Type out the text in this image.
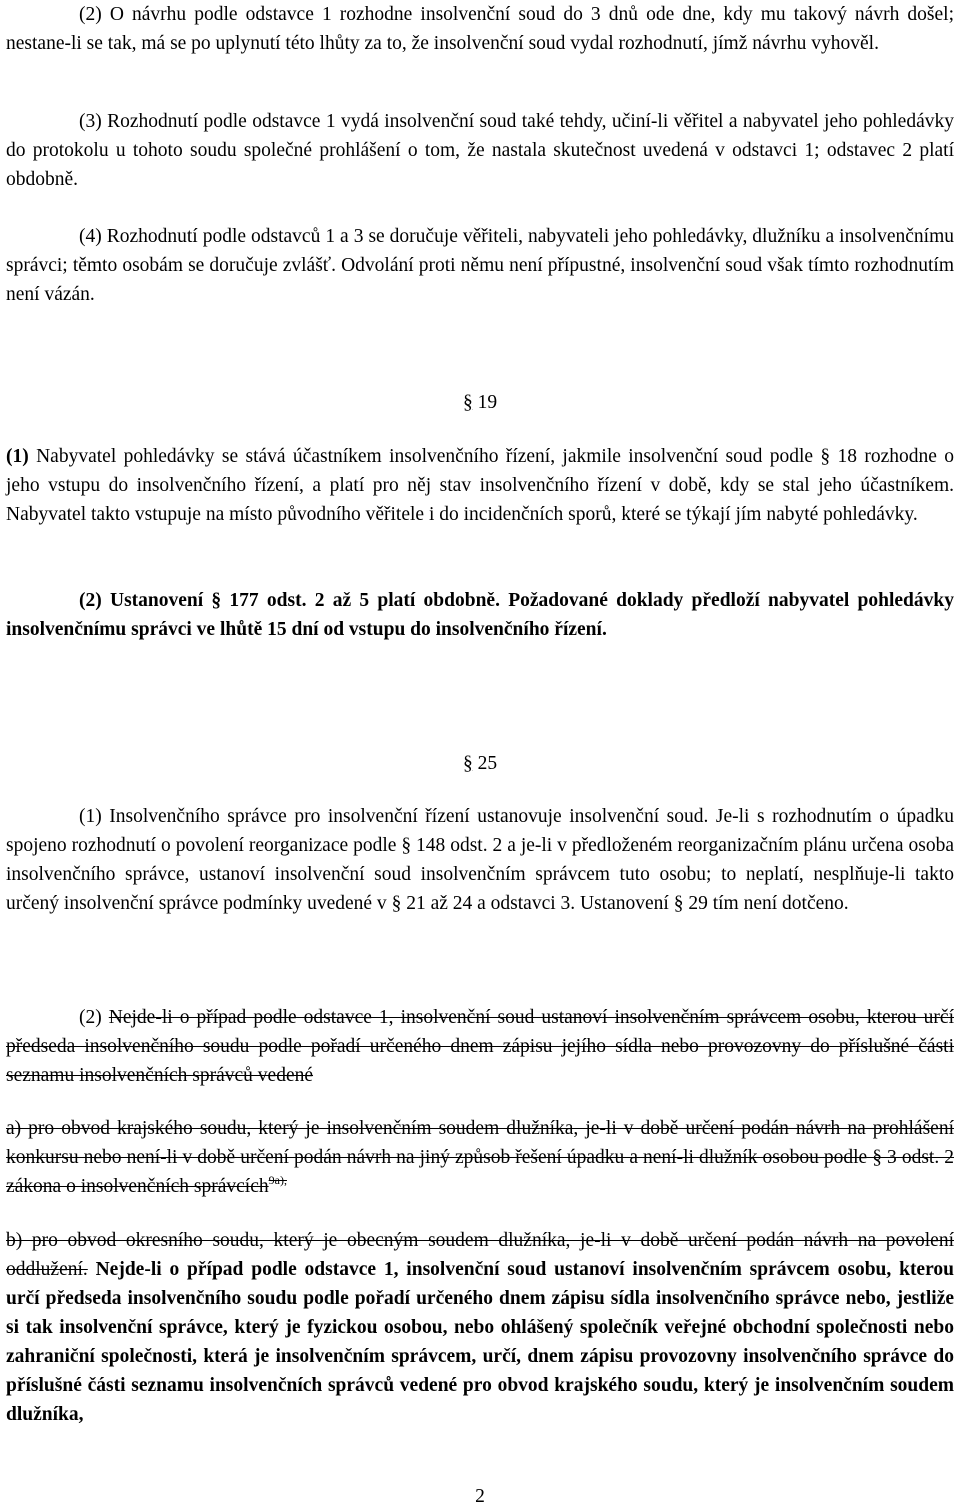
(2) O návrhu podle odstavce 1 rozhodne insolvenční soud do 3 dnů ode dne, kdy mu takový návrh došel; nestane-li se tak, má se po uplynutí této lhůty za to, že insolvenční soud vydal rozhodnutí, jímž návrhu vyhověl.

(3) Rozhodnutí podle odstavce 1 vydá insolvenční soud také tehdy, učiní-li věřitel a nabyvatel jeho pohledávky do protokolu u tohoto soudu společné prohlášení o tom, že nastala skutečnost uvedená v odstavci 1; odstavec 2 platí obdobně.

(4) Rozhodnutí podle odstavců 1 a 3 se doručuje věřiteli, nabyvateli jeho pohledávky, dlužníku a insolvenčnímu správci; těmto osobám se doručuje zvlášť. Odvolání proti němu není přípustné, insolvenční soud však tímto rozhodnutím není vázán.

§ 19

(1) Nabyvatel pohledávky se stává účastníkem insolvenčního řízení, jakmile insolvenční soud podle § 18 rozhodne o jeho vstupu do insolvenčního řízení, a platí pro něj stav insolvenčního řízení v době, kdy se stal jeho účastníkem. Nabyvatel takto vstupuje na místo původního věřitele i do incidenčních sporů, které se týkají jím nabyté pohledávky.

(2) Ustanovení § 177 odst. 2 až 5 platí obdobně. Požadované doklady předloží nabyvatel pohledávky insolvenčnímu správci ve lhůtě 15 dní od vstupu do insolvenčního řízení.

§ 25

(1) Insolvenčního správce pro insolvenční řízení ustanovuje insolvenční soud. Je-li s rozhodnutím o úpadku spojeno rozhodnutí o povolení reorganizace podle § 148 odst. 2 a je-li v předloženém reorganizačním plánu určena osoba insolvenčního správce, ustanoví insolvenční soud insolvenčním správcem tuto osobu; to neplatí, nesplňuje-li takto určený insolvenční správce podmínky uvedené v § 21 až 24 a odstavci 3. Ustanovení § 29 tím není dotčeno.

(2) Nejde-li o případ podle odstavce 1, insolvenční soud ustanoví insolvenčním správcem osobu, kterou určí předseda insolvenčního soudu podle pořadí určeného dnem zápisu jejího sídla nebo provozovny do příslušné části seznamu insolvenčních správců vedené

a) pro obvod krajského soudu, který je insolvenčním soudem dlužníka, je-li v době určení podán návrh na prohlášení konkursu nebo není-li v době určení podán návrh na jiný způsob řešení úpadku a není-li dlužník osobou podle § 3 odst. 2 zákona o insolvenčních správcích$^{9a),}$

b) pro obvod okresního soudu, který je obecným soudem dlužníka, je-li v době určení podán návrh na povolení oddlužení. Nejde-li o případ podle odstavce 1, insolvenční soud ustanoví insolvenčním správcem osobu, kterou určí předseda insolvenčního soudu podle pořadí určeného dnem zápisu sídla insolvenčního správce nebo, jestliže si tak insolvenční správce, který je fyzickou osobou, nebo ohlášený společník veřejné obchodní společnosti nebo zahraniční společnosti, která je insolvenčním správcem, určí, dnem zápisu provozovny insolvenčního správce do příslušné části seznamu insolvenčních správců vedené pro obvod krajského soudu, který je insolvenčním soudem dlužníka,

2
